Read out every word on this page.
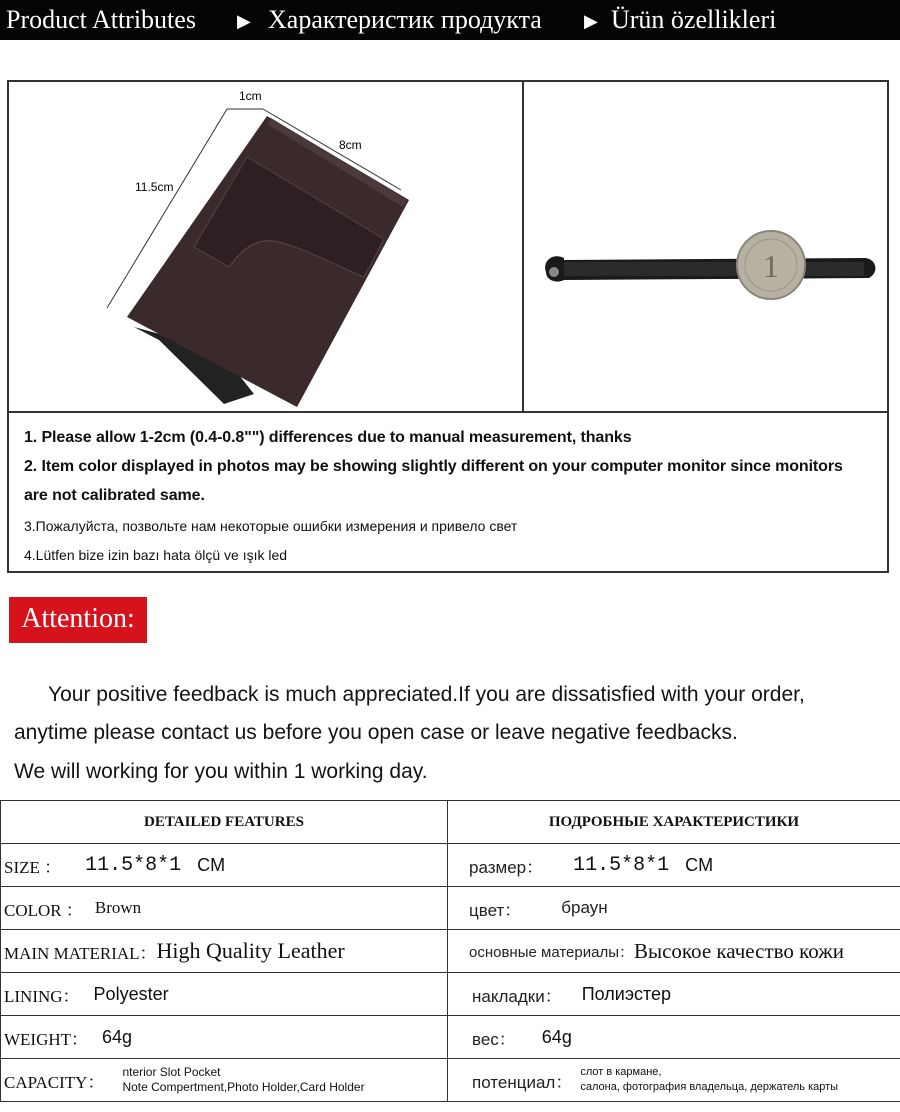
Product Attributes ▶ Характеристик продукта ▶ Ürün özellikleri
1cm
8cm
11.5cm
1
1. Please allow 1-2cm (0.4-0.8"") differences due to manual measurement, thanks
2. Item color displayed in photos may be showing slightly different on your computer monitor since monitors
are not calibrated same.
3.Пожалуйста, позвольте нам некоторые ошибки измерения и привело свет
4.Lütfen bize izin bazı hata ölçü ve ışık led
Attention:
Your positive feedback is much appreciated.If you are dissatisfied with your order,
anytime please contact us before you open case or leave negative feedbacks.
We will working for you within 1 working day.
DETAILED FEATURES	ПОДРОБНЫЕ ХАРАКТЕРИСТИКИ

SIZE ： 11.5*8*1 CM	размер： 11.5*8*1 CM

COLOR ： Brown	цвет： браун

MAIN MATERIAL： High Quality Leather	основные материалы： Высокое качество кожи

LINING： Polyester	накладки： Полиэстер

WEIGHT： 64g	вес： 64g

CAPACITY：
nterior Slot Pocket
Note Compertment,Photo Holder,Card Holder	потенциал：
слот в кармане,
салона, фотография владельца, держатель карты
